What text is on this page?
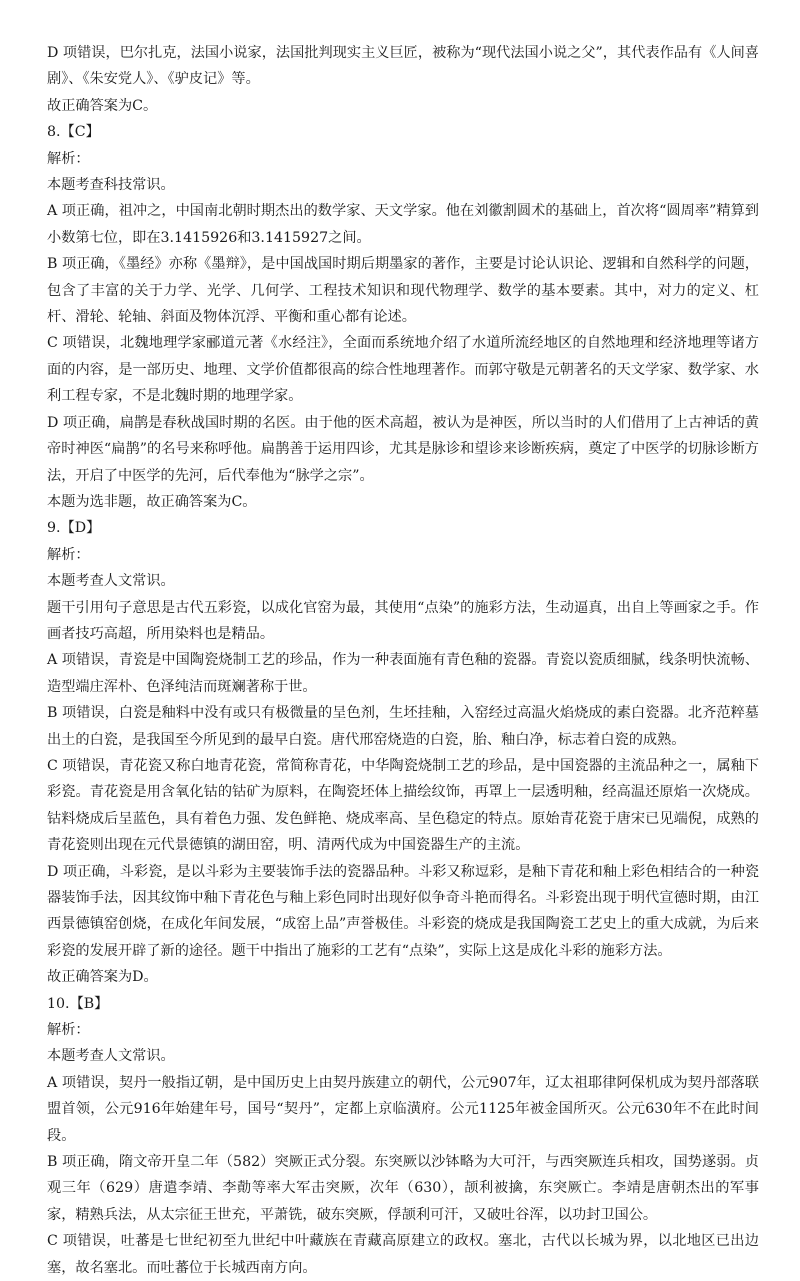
D 项错误，巴尔扎克，法国小说家，法国批判现实主义巨匠，被称为“现代法国小说之父”，其代表作品有《人间喜剧》、《朱安党人》、《驴皮记》等。

故正确答案为C。

8.【C】

解析：

本题考查科技常识。

A 项正确，祖冲之，中国南北朝时期杰出的数学家、天文学家。他在刘徽割圆术的基础上，首次将“圆周率”精算到小数第七位，即在3.1415926和3.1415927之间。

B 项正确，《墨经》亦称《墨辩》，是中国战国时期后期墨家的著作，主要是讨论认识论、逻辑和自然科学的问题，包含了丰富的关于力学、光学、几何学、工程技术知识和现代物理学、数学的基本要素。其中，对力的定义、杠杆、滑轮、轮轴、斜面及物体沉浮、平衡和重心都有论述。

C 项错误，北魏地理学家郦道元著《水经注》，全面而系统地介绍了水道所流经地区的自然地理和经济地理等诸方面的内容，是一部历史、地理、文学价值都很高的综合性地理著作。而郭守敬是元朝著名的天文学家、数学家、水利工程专家，不是北魏时期的地理学家。

D 项正确，扁鹊是春秋战国时期的名医。由于他的医术高超，被认为是神医，所以当时的人们借用了上古神话的黄帝时神医“扁鹊”的名号来称呼他。扁鹊善于运用四诊，尤其是脉诊和望诊来诊断疾病，奠定了中医学的切脉诊断方法，开启了中医学的先河，后代奉他为“脉学之宗”。

本题为选非题，故正确答案为C。

9.【D】

解析：

本题考查人文常识。

题干引用句子意思是古代五彩瓷，以成化官窑为最，其使用“点染”的施彩方法，生动逼真，出自上等画家之手。作画者技巧高超，所用染料也是精品。

A 项错误，青瓷是中国陶瓷烧制工艺的珍品，作为一种表面施有青色釉的瓷器。青瓷以瓷质细腻，线条明快流畅、造型端庄浑朴、色泽纯洁而斑斓著称于世。

B 项错误，白瓷是釉料中没有或只有极微量的呈色剂，生坯挂釉，入窑经过高温火焰烧成的素白瓷器。北齐范粹墓出土的白瓷，是我国至今所见到的最早白瓷。唐代邢窑烧造的白瓷，胎、釉白净，标志着白瓷的成熟。

C 项错误，青花瓷又称白地青花瓷，常简称青花，中华陶瓷烧制工艺的珍品，是中国瓷器的主流品种之一，属釉下彩瓷。青花瓷是用含氧化钴的钴矿为原料，在陶瓷坯体上描绘纹饰，再罩上一层透明釉，经高温还原焰一次烧成。钴料烧成后呈蓝色，具有着色力强、发色鲜艳、烧成率高、呈色稳定的特点。原始青花瓷于唐宋已见端倪，成熟的青花瓷则出现在元代景德镇的湖田窑，明、清两代成为中国瓷器生产的主流。

D 项正确，斗彩瓷，是以斗彩为主要装饰手法的瓷器品种。斗彩又称逗彩，是釉下青花和釉上彩色相结合的一种瓷器装饰手法，因其纹饰中釉下青花色与釉上彩色同时出现好似争奇斗艳而得名。斗彩瓷出现于明代宣德时期，由江西景德镇窑创烧，在成化年间发展，“成窑上品”声誉极佳。斗彩瓷的烧成是我国陶瓷工艺史上的重大成就，为后来彩瓷的发展开辟了新的途径。题干中指出了施彩的工艺有“点染”，实际上这是成化斗彩的施彩方法。

故正确答案为D。

10.【B】

解析：

本题考查人文常识。

A 项错误，契丹一般指辽朝，是中国历史上由契丹族建立的朝代，公元907年，辽太祖耶律阿保机成为契丹部落联盟首领，公元916年始建年号，国号“契丹”，定都上京临潢府。公元1125年被金国所灭。公元630年不在此时间段。

B 项正确，隋文帝开皇二年（582）突厥正式分裂。东突厥以沙钵略为大可汗，与西突厥连兵相攻，国势遂弱。贞观三年（629）唐遣李靖、李勣等率大军击突厥，次年（630），颉利被擒，东突厥亡。李靖是唐朝杰出的军事家，精熟兵法，从太宗征王世充，平萧铣，破东突厥，俘颉利可汗，又破吐谷浑，以功封卫国公。

C 项错误，吐蕃是七世纪初至九世纪中叶藏族在青藏高原建立的政权。塞北，古代以长城为界，以北地区已出边塞，故名塞北。而吐蕃位于长城西南方向。
